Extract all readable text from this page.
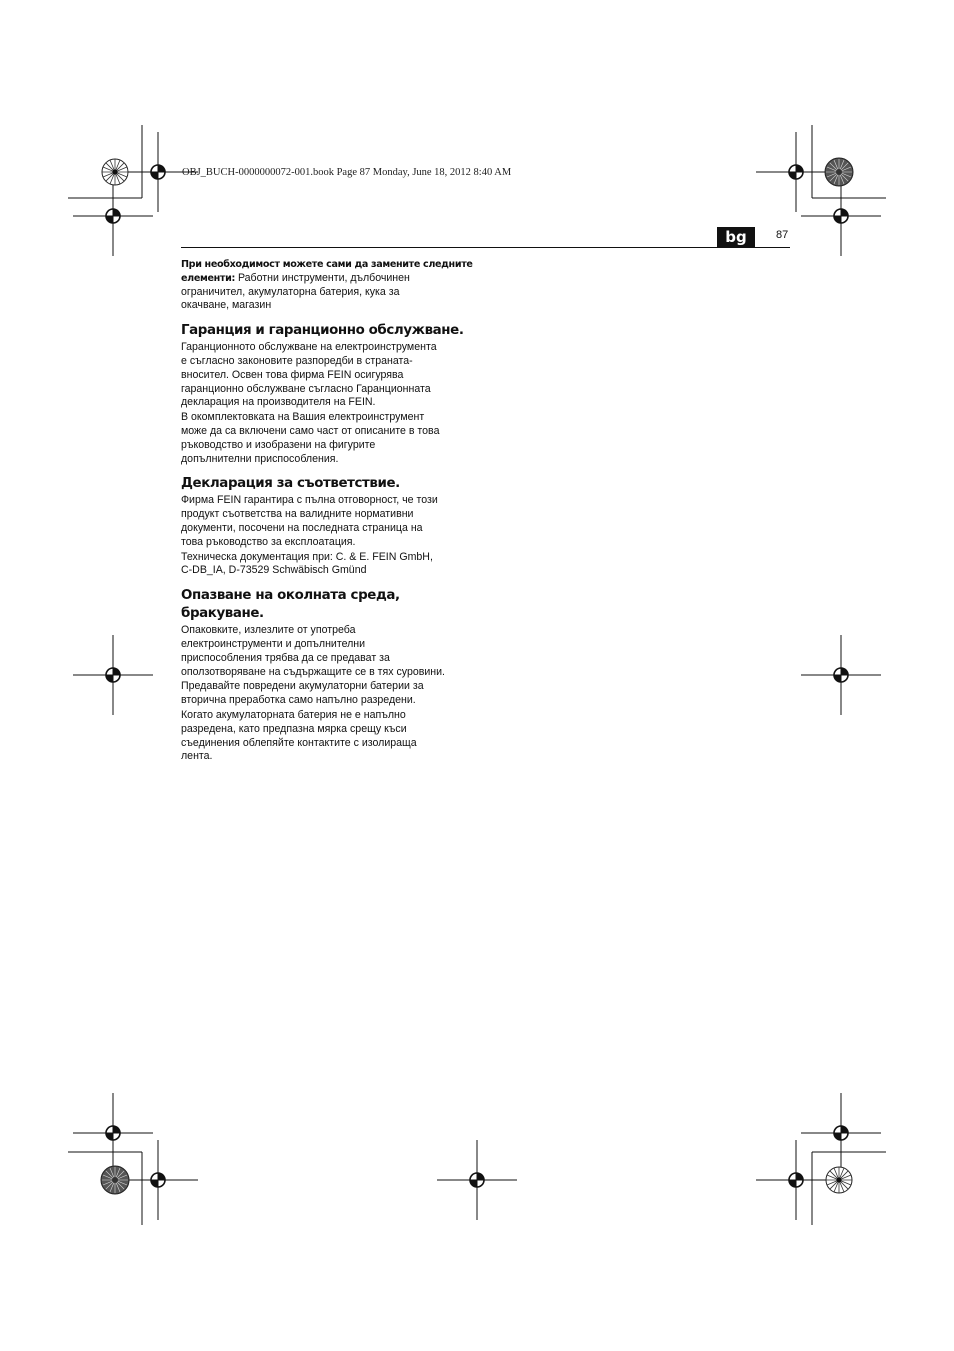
OBJ_BUCH-0000000072-001.book Page 87 Monday, June 18, 2012 8:40 AM
bg	87
При необходимост можете сами да замените следните
елементи: Работни инструменти, дълбочинен
ограничител, акумулаторна батерия, кука за
окачване, магазин
Гаранция и гаранционно обслужване.
Гаранционното обслужване на електроинструмента
е съгласно законовите разпоредби в страната-
вносител. Освен това фирма FEIN осигурява
гаранционно обслужване съгласно Гаранционната
декларация на производителя на FEIN.
В окомплектовката на Вашия електроинструмент
може да са включени само част от описаните в това
ръководство и изобразени на фигурите
допълнителни приспособления.
Декларация за съответствие.
Фирма FEIN гарантира с пълна отговорност, че този
продукт съответства на валидните нормативни
документи, посочени на последната страница на
това ръководство за експлоатация.
Техническа документация при: C. & E. FEIN GmbH,
C-DB_IA, D-73529 Schwäbisch Gmünd
Опазване на околната среда,
бракуване.
Опаковките, излезлите от употреба
електроинструменти и допълнителни
приспособления трябва да се предават за
оползотворяване на съдържащите се в тях суровини.
Предавайте повредени акумулаторни батерии за
вторична преработка само напълно разредени.
Когато акумулаторната батерия не е напълно
разредена, като предпазна мярка срещу къси
съединения облепяйте контактите с изолираща
лента.
